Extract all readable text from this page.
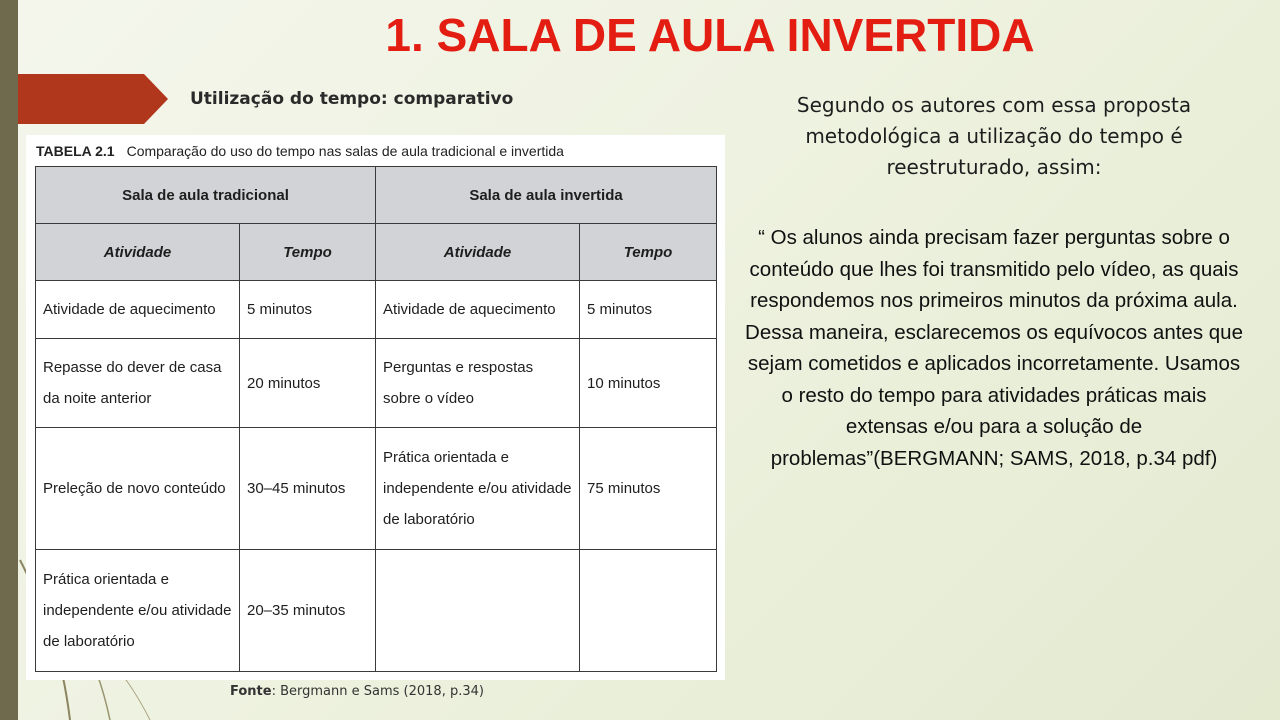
1. SALA DE AULA INVERTIDA
Utilização do tempo: comparativo
TABELA 2.1 Comparação do uso do tempo nas salas de aula tradicional e invertida
Sala de aula tradicional		Sala de aula invertida	
Atividade	Tempo	Atividade	Tempo
Atividade de aquecimento	5 minutos	Atividade de aquecimento	5 minutos
Repasse do dever de casa da noite anterior	20 minutos	Perguntas e respostas sobre o vídeo	10 minutos
Preleção de novo conteúdo	30–45 minutos	Prática orientada e independente e/ou atividade de laboratório	75 minutos
Prática orientada e independente e/ou atividade de laboratório	20–35 minutos		
Fonte: Bergmann e Sams (2018, p.34)

Segundo os autores com essa proposta metodológica a utilização do tempo é reestruturado, assim:

“ Os alunos ainda precisam fazer perguntas sobre o conteúdo que lhes foi transmitido pelo vídeo, as quais respondemos nos primeiros minutos da próxima aula. Dessa maneira, esclarecemos os equívocos antes que sejam cometidos e aplicados incorretamente. Usamos o resto do tempo para atividades práticas mais extensas e/ou para a solução de problemas”(BERGMANN; SAMS, 2018, p.34 pdf)
